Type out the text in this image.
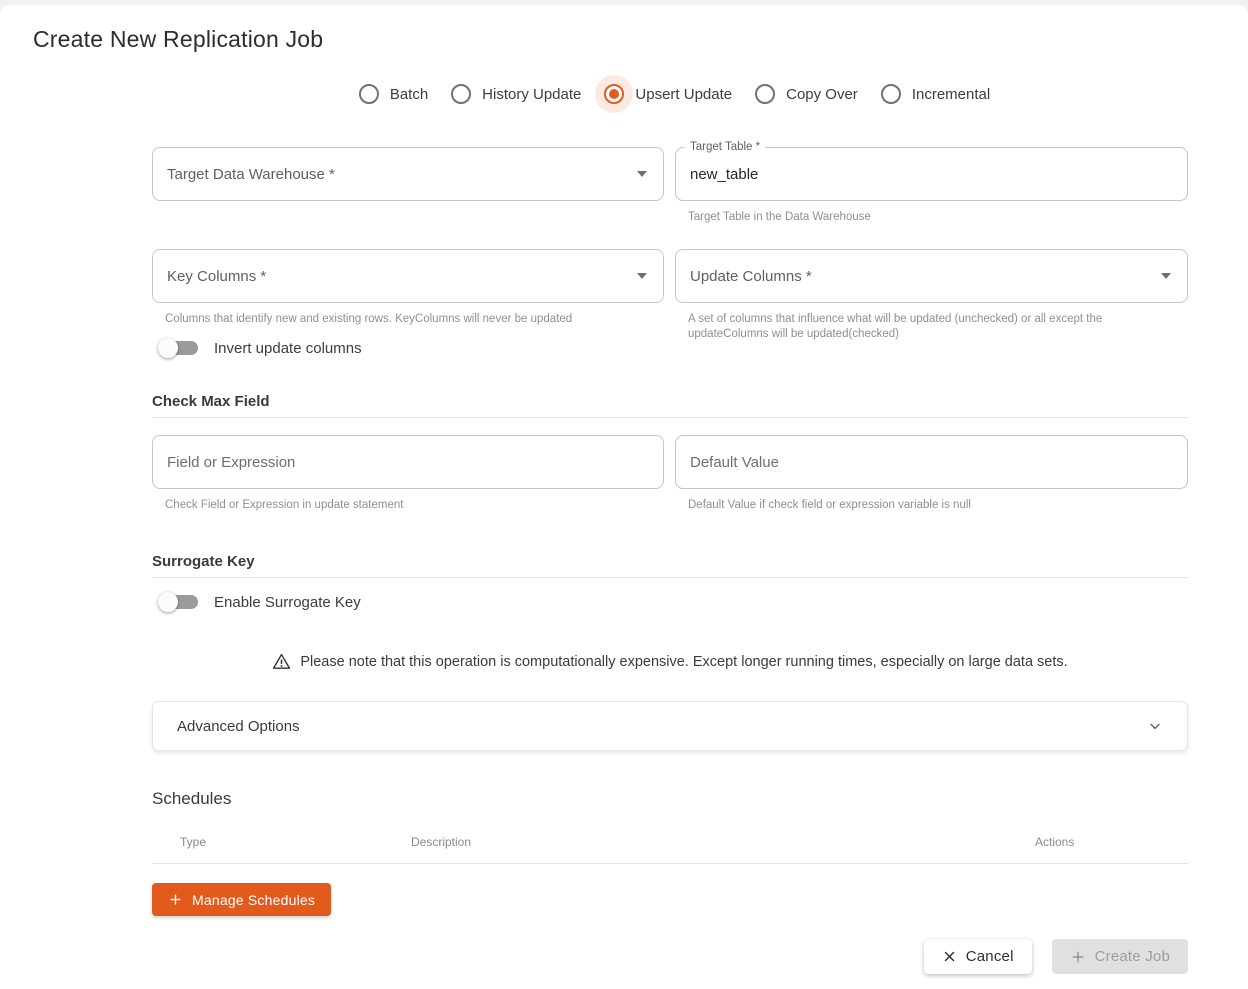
Create New Replication Job
Batch	History Update	Upsert Update	Copy Over	Incremental
Target Data Warehouse *
Target Table *
new_table
Target Table in the Data Warehouse
Key Columns *
Columns that identify new and existing rows. KeyColumns will never be updated
Invert update columns
Update Columns *
A set of columns that influence what will be updated (unchecked) or all except the updateColumns will be updated(checked)
Check Max Field
Field or Expression
Check Field or Expression in update statement
Default Value	Default Value if check field or expression variable is null
Surrogate Key
Enable Surrogate Key
Please note that this operation is computationally expensive. Except longer running times, especially on large data sets.
Advanced Options
Schedules
Type	Description	Actions
Manage Schedules
Cancel	Create Job
